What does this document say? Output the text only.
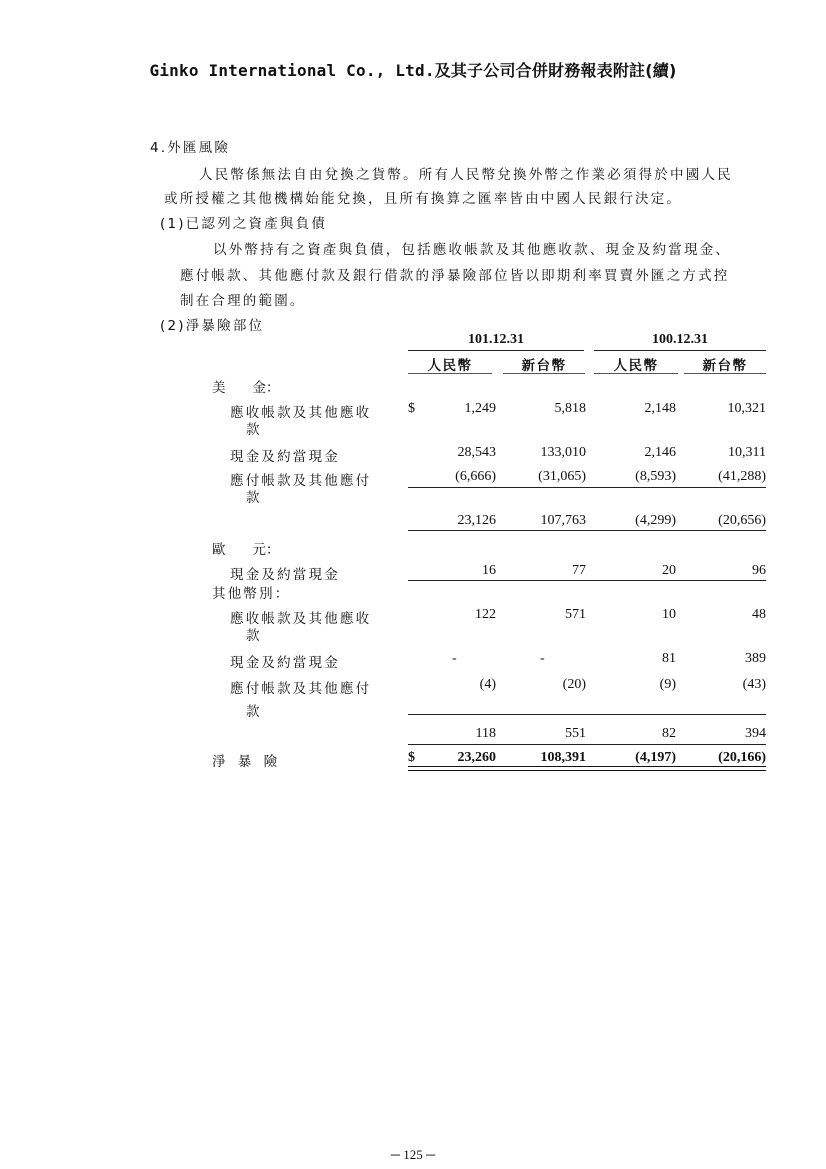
Ginko International Co., Ltd.及其子公司合併財務報表附註(續)
4.外匯風險
人民幣係無法自由兌換之貨幣。所有人民幣兌換外幣之作業必須得於中國人民
或所授權之其他機構始能兌換，且所有換算之匯率皆由中國人民銀行決定。
(1)已認列之資產與負債
以外幣持有之資產與負債，包括應收帳款及其他應收款、現金及約當現金、
應付帳款、其他應付款及銀行借款的淨暴險部位皆以即期利率買賣外匯之方式控
制在合理的範圍。
(2)淨暴險部位
101.12.31	100.12.31
人民幣	新台幣	人民幣	新台幣
美　　金：
應收帳款及其他應收
款
$	1,249	5,818	2,148	10,321
現金及約當現金	28,543	133,010	2,146	10,311
應付帳款及其他應付
款
(6,666)	(31,065)	(8,593)	(41,288)
23,126	107,763	(4,299)	(20,656)
歐　　元：
現金及約當現金	16	77	20	96
其他幣別：
應收帳款及其他應收
款
122	571	10	48
現金及約當現金	-	-	81	389
應付帳款及其他應付
款
(4)	(20)	(9)	(43)
118	551	82	394
淨 暴 險	$	23,260	108,391	(4,197)	(20,166)
─ 125 ─
